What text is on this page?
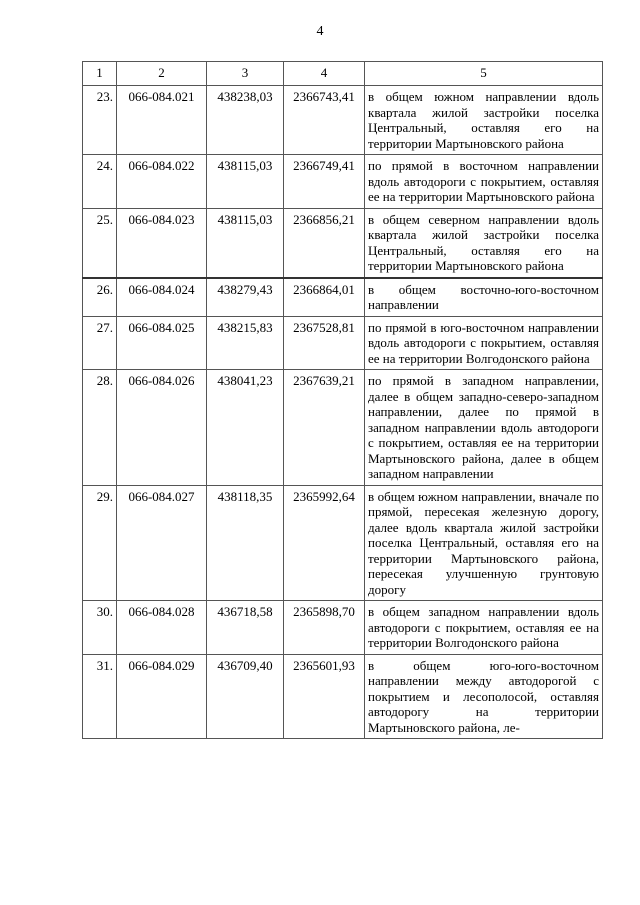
4
1	2	3	4	5
23.	066-084.021	438238,03	2366743,41	в общем южном направлении вдоль квартала жилой застройки поселка Центральный, оставляя его на территории Мартыновского района
24.	066-084.022	438115,03	2366749,41	по прямой в восточном направлении вдоль автодороги с покрытием, оставляя ее на территории Мартыновского района
25.	066-084.023	438115,03	2366856,21	в общем северном направлении вдоль квартала жилой застройки поселка Центральный, оставляя его на территории Мартыновского района
26.	066-084.024	438279,43	2366864,01	в общем восточно-юго-восточном направлении
27.	066-084.025	438215,83	2367528,81	по прямой в юго-восточном направлении вдоль автодороги с покрытием, оставляя ее на территории Волгодонского района
28.	066-084.026	438041,23	2367639,21	по прямой в западном направлении, далее в общем западно-северо-западном направлении, далее по прямой в западном направлении вдоль автодороги с покрытием, оставляя ее на территории Мартыновского района, далее в общем западном направлении
29.	066-084.027	438118,35	2365992,64	в общем южном направлении, вначале по прямой, пересекая железную дорогу, далее вдоль квартала жилой застройки поселка Центральный, оставляя его на территории Мартыновского района, пересекая улучшенную грунтовую дорогу
30.	066-084.028	436718,58	2365898,70	в общем западном направлении вдоль автодороги с покрытием, оставляя ее на территории Волгодонского района
31.	066-084.029	436709,40	2365601,93	в общем юго-юго-восточном направлении между автодорогой с покрытием и лесополосой, оставляя автодорогу на территории Мартыновского района, ле-
